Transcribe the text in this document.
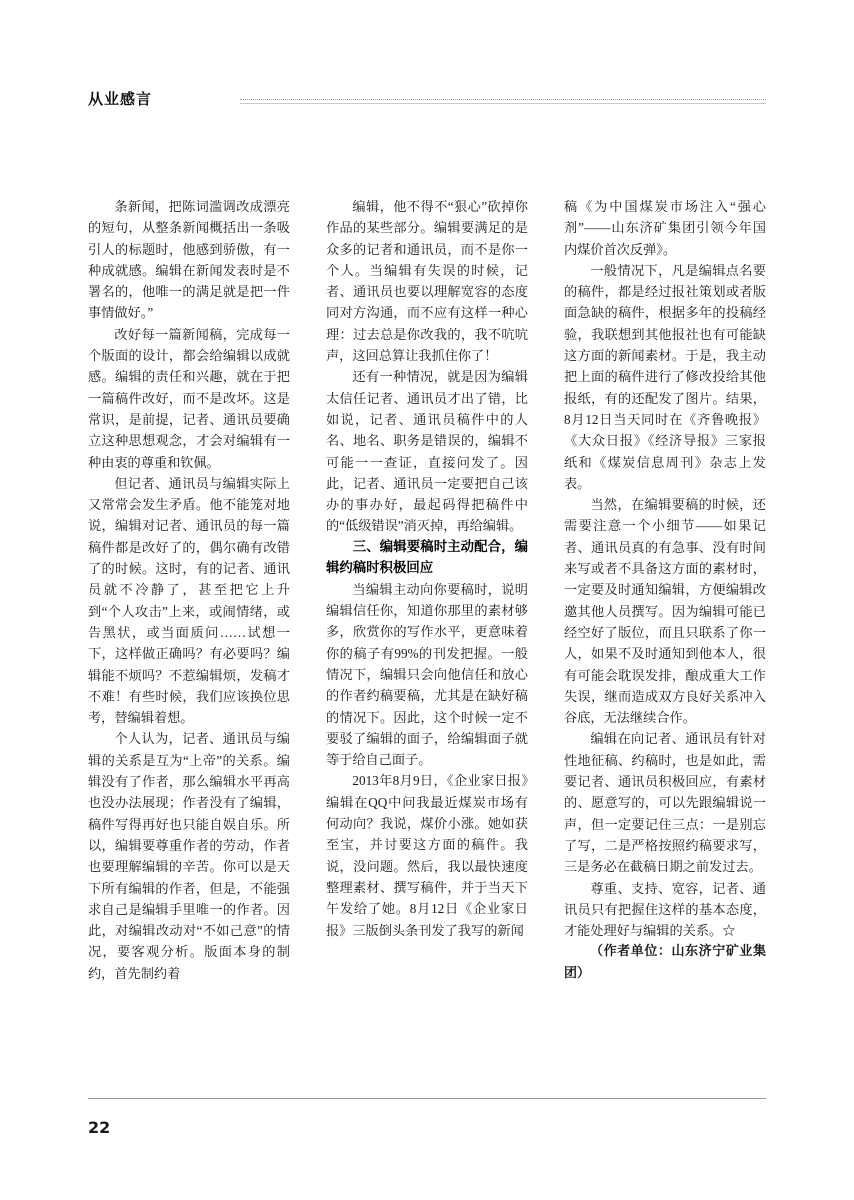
从业感言

条新闻，把陈词滥调改成漂亮的短句，从整条新闻概括出一条吸引人的标题时，他感到骄傲，有一种成就感。编辑在新闻发表时是不署名的，他唯一的满足就是把一件事情做好。”

改好每一篇新闻稿，完成每一个版面的设计，都会给编辑以成就感。编辑的责任和兴趣，就在于把一篇稿件改好，而不是改坏。这是常识，是前提，记者、通讯员要确立这种思想观念，才会对编辑有一种由衷的尊重和钦佩。

但记者、通讯员与编辑实际上又常常会发生矛盾。他不能笼对地说，编辑对记者、通讯员的每一篇稿件都是改好了的，偶尔确有改错了的时候。这时，有的记者、通讯员就不冷静了，甚至把它上升到“个人攻击”上来，或闹情绪，或告黑状，或当面质问……试想一下，这样做正确吗？有必要吗？编辑能不烦吗？不惹编辑烦，发稿才不难！有些时候，我们应该换位思考，替编辑着想。

个人认为，记者、通讯员与编辑的关系是互为“上帝”的关系。编辑没有了作者，那么编辑水平再高也没办法展现；作者没有了编辑，稿件写得再好也只能自娱自乐。所以，编辑要尊重作者的劳动，作者也要理解编辑的辛苦。你可以是天下所有编辑的作者，但是，不能强求自己是编辑手里唯一的作者。因此，对编辑改动对“不如己意”的情况，要客观分析。版面本身的制约，首先制约着

编辑，他不得不“狠心”砍掉你作品的某些部分。编辑要满足的是众多的记者和通讯员，而不是你一个人。当编辑有失误的时候，记者、通讯员也要以理解宽容的态度同对方沟通，而不应有这样一种心理：过去总是你改我的，我不吭吭声，这回总算让我抓住你了！

还有一种情况，就是因为编辑太信任记者、通讯员才出了错，比如说，记者、通讯员稿件中的人名、地名、职务是错误的，编辑不可能一一查证，直接问发了。因此，记者、通讯员一定要把自己该办的事办好，最起码得把稿件中的“低级错误”消灭掉，再给编辑。

三、编辑要稿时主动配合，编辑约稿时积极回应

当编辑主动向你要稿时，说明编辑信任你，知道你那里的素材够多，欣赏你的写作水平，更意味着你的稿子有99%的刊发把握。一般情况下，编辑只会向他信任和放心的作者约稿要稿，尤其是在缺好稿的情况下。因此，这个时候一定不要驳了编辑的面子，给编辑面子就等于给自己面子。

2013年8月9日，《企业家日报》编辑在QQ中问我最近煤炭市场有何动向？我说，煤价小涨。她如获至宝，并讨要这方面的稿件。我说，没问题。然后，我以最快速度整理素材、撰写稿件，并于当天下午发给了她。8月12日《企业家日报》三版倒头条刊发了我写的新闻

稿《为中国煤炭市场注入“强心剂”——山东济矿集团引领今年国内煤价首次反弹》。

一般情况下，凡是编辑点名要的稿件，都是经过报社策划或者版面急缺的稿件，根据多年的投稿经验，我联想到其他报社也有可能缺这方面的新闻素材。于是，我主动把上面的稿件进行了修改投给其他报纸，有的还配发了图片。结果，8月12日当天同时在《齐鲁晚报》《大众日报》《经济导报》三家报纸和《煤炭信息周刊》杂志上发表。

当然，在编辑要稿的时候，还需要注意一个小细节——如果记者、通讯员真的有急事、没有时间来写或者不具备这方面的素材时，一定要及时通知编辑，方便编辑改邀其他人员撰写。因为编辑可能已经空好了版位，而且只联系了你一人，如果不及时通知到他本人，很有可能会耽误发排，酿成重大工作失误，继而造成双方良好关系冲入谷底，无法继续合作。

编辑在向记者、通讯员有针对性地征稿、约稿时，也是如此，需要记者、通讯员积极回应，有素材的、愿意写的，可以先跟编辑说一声，但一定要记住三点：一是别忘了写，二是严格按照约稿要求写，三是务必在截稿日期之前发过去。

尊重、支持、宽容，记者、通讯员只有把握住这样的基本态度，才能处理好与编辑的关系。☆

（作者单位：山东济宁矿业集团）

22
